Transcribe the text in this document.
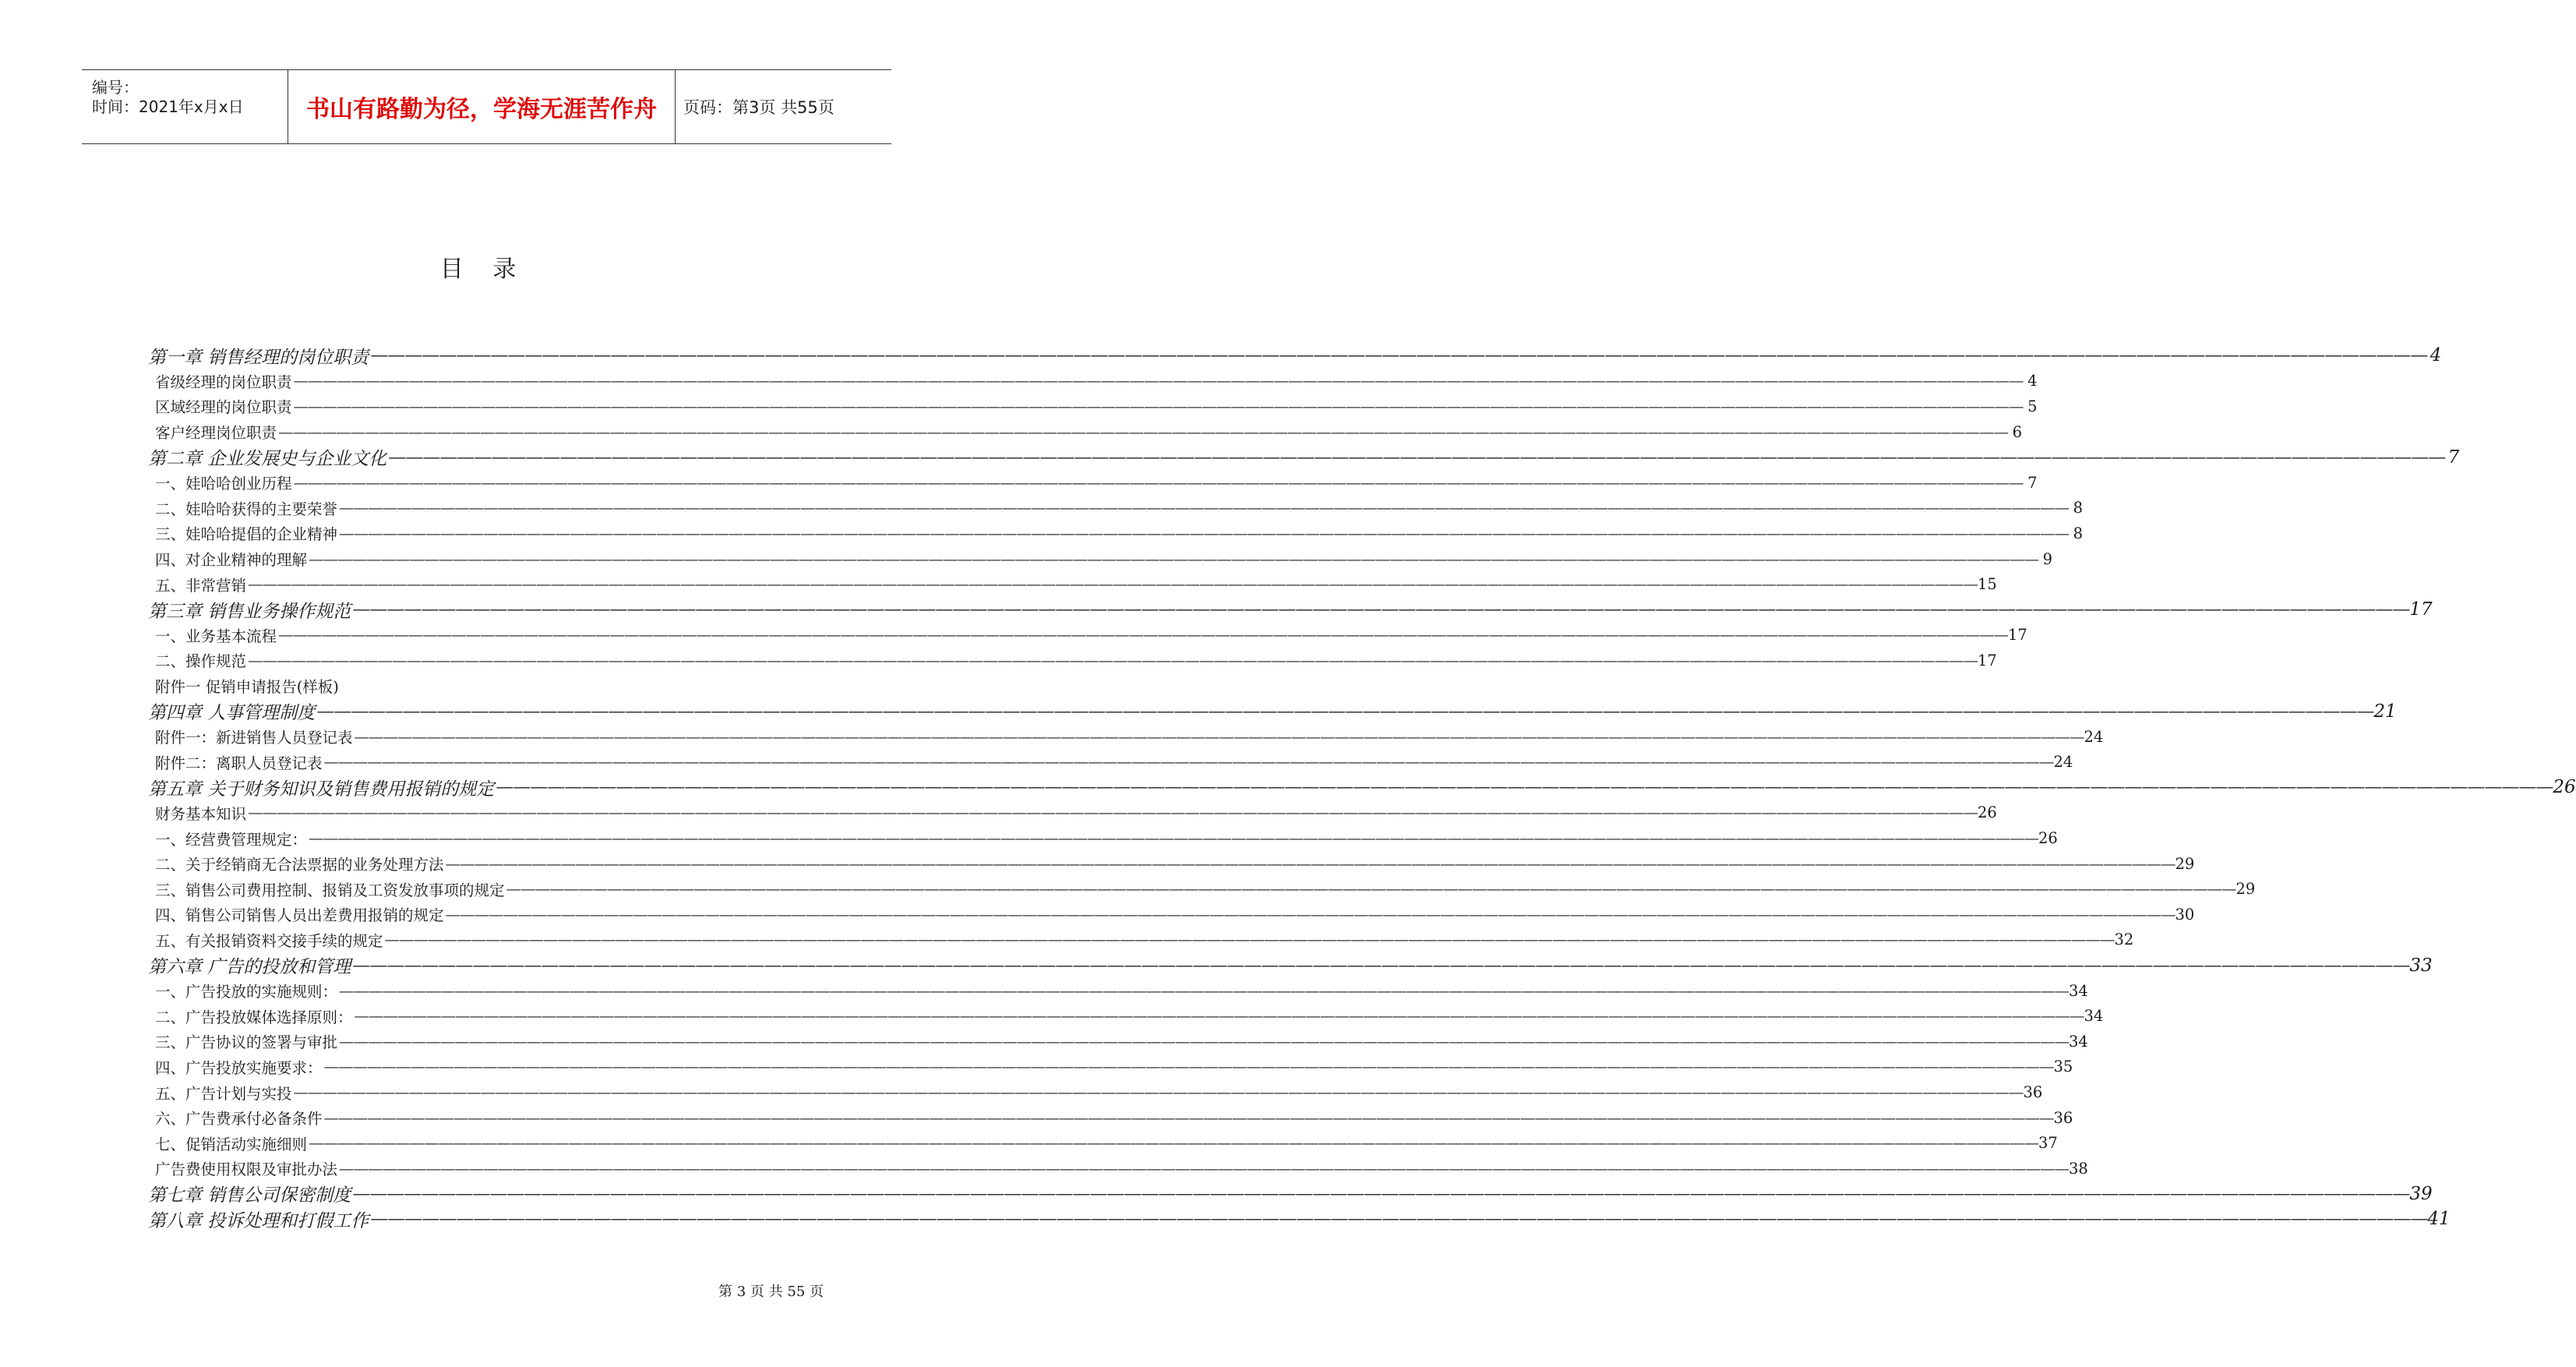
编号：
时间：2021年x月x日	书山有路勤为径，学海无涯苦作舟 页码：第3页 共55页
目 录
第一章 销售经理的岗位职责 ———————————————————————————————————————————————————————————————————————————————————————————————————————————————————————— 4
省级经理的岗位职责 ———————————————————————————————————————————————————————————————————————————————————————————————————————————————————————— 4
区域经理的岗位职责 ———————————————————————————————————————————————————————————————————————————————————————————————————————————————————————— 5
客户经理岗位职责 ———————————————————————————————————————————————————————————————————————————————————————————————————————————————————————— 6
第二章 企业发展史与企业文化 ———————————————————————————————————————————————————————————————————————————————————————————————————————————————————————— 7
一、娃哈哈创业历程 ———————————————————————————————————————————————————————————————————————————————————————————————————————————————————————— 7
二、娃哈哈获得的主要荣誉 ———————————————————————————————————————————————————————————————————————————————————————————————————————————————————————— 8
三、娃哈哈提倡的企业精神 ———————————————————————————————————————————————————————————————————————————————————————————————————————————————————————— 8
四、对企业精神的理解 ———————————————————————————————————————————————————————————————————————————————————————————————————————————————————————— 9
五、非常营销 ———————————————————————————————————————————————————————————————————————————————————————————————————————————————————————— 15
第三章 销售业务操作规范 ———————————————————————————————————————————————————————————————————————————————————————————————————————————————————————— 17
一、业务基本流程 ———————————————————————————————————————————————————————————————————————————————————————————————————————————————————————— 17
二、操作规范 ———————————————————————————————————————————————————————————————————————————————————————————————————————————————————————— 17
附件一 促销申请报告(样板)
第四章 人事管理制度 ———————————————————————————————————————————————————————————————————————————————————————————————————————————————————————— 21
附件一：新进销售人员登记表 ———————————————————————————————————————————————————————————————————————————————————————————————————————————————————————— 24
附件二：离职人员登记表 ———————————————————————————————————————————————————————————————————————————————————————————————————————————————————————— 24
第五章 关于财务知识及销售费用报销的规定 ———————————————————————————————————————————————————————————————————————————————————————————————————————————————————————— 26
财务基本知识 ———————————————————————————————————————————————————————————————————————————————————————————————————————————————————————— 26
一、经营费管理规定： ———————————————————————————————————————————————————————————————————————————————————————————————————————————————————————— 26
二、关于经销商无合法票据的业务处理方法 ———————————————————————————————————————————————————————————————————————————————————————————————————————————————————————— 29
三、销售公司费用控制、报销及工资发放事项的规定 ———————————————————————————————————————————————————————————————————————————————————————————————————————————————————————— 29
四、销售公司销售人员出差费用报销的规定 ———————————————————————————————————————————————————————————————————————————————————————————————————————————————————————— 30
五、有关报销资料交接手续的规定 ———————————————————————————————————————————————————————————————————————————————————————————————————————————————————————— 32
第六章 广告的投放和管理 ———————————————————————————————————————————————————————————————————————————————————————————————————————————————————————— 33
一、广告投放的实施规则： ———————————————————————————————————————————————————————————————————————————————————————————————————————————————————————— 34
二、广告投放媒体选择原则： ———————————————————————————————————————————————————————————————————————————————————————————————————————————————————————— 34
三、广告协议的签署与审批 ———————————————————————————————————————————————————————————————————————————————————————————————————————————————————————— 34
四、广告投放实施要求： ———————————————————————————————————————————————————————————————————————————————————————————————————————————————————————— 35
五、广告计划与实投 ———————————————————————————————————————————————————————————————————————————————————————————————————————————————————————— 36
六、广告费承付必备条件 ———————————————————————————————————————————————————————————————————————————————————————————————————————————————————————— 36
七、促销活动实施细则 ———————————————————————————————————————————————————————————————————————————————————————————————————————————————————————— 37
广告费使用权限及审批办法 ———————————————————————————————————————————————————————————————————————————————————————————————————————————————————————— 38
第七章 销售公司保密制度 ———————————————————————————————————————————————————————————————————————————————————————————————————————————————————————— 39
第八章 投诉处理和打假工作 ———————————————————————————————————————————————————————————————————————————————————————————————————————————————————————— 41
第 3 页 共 55 页
